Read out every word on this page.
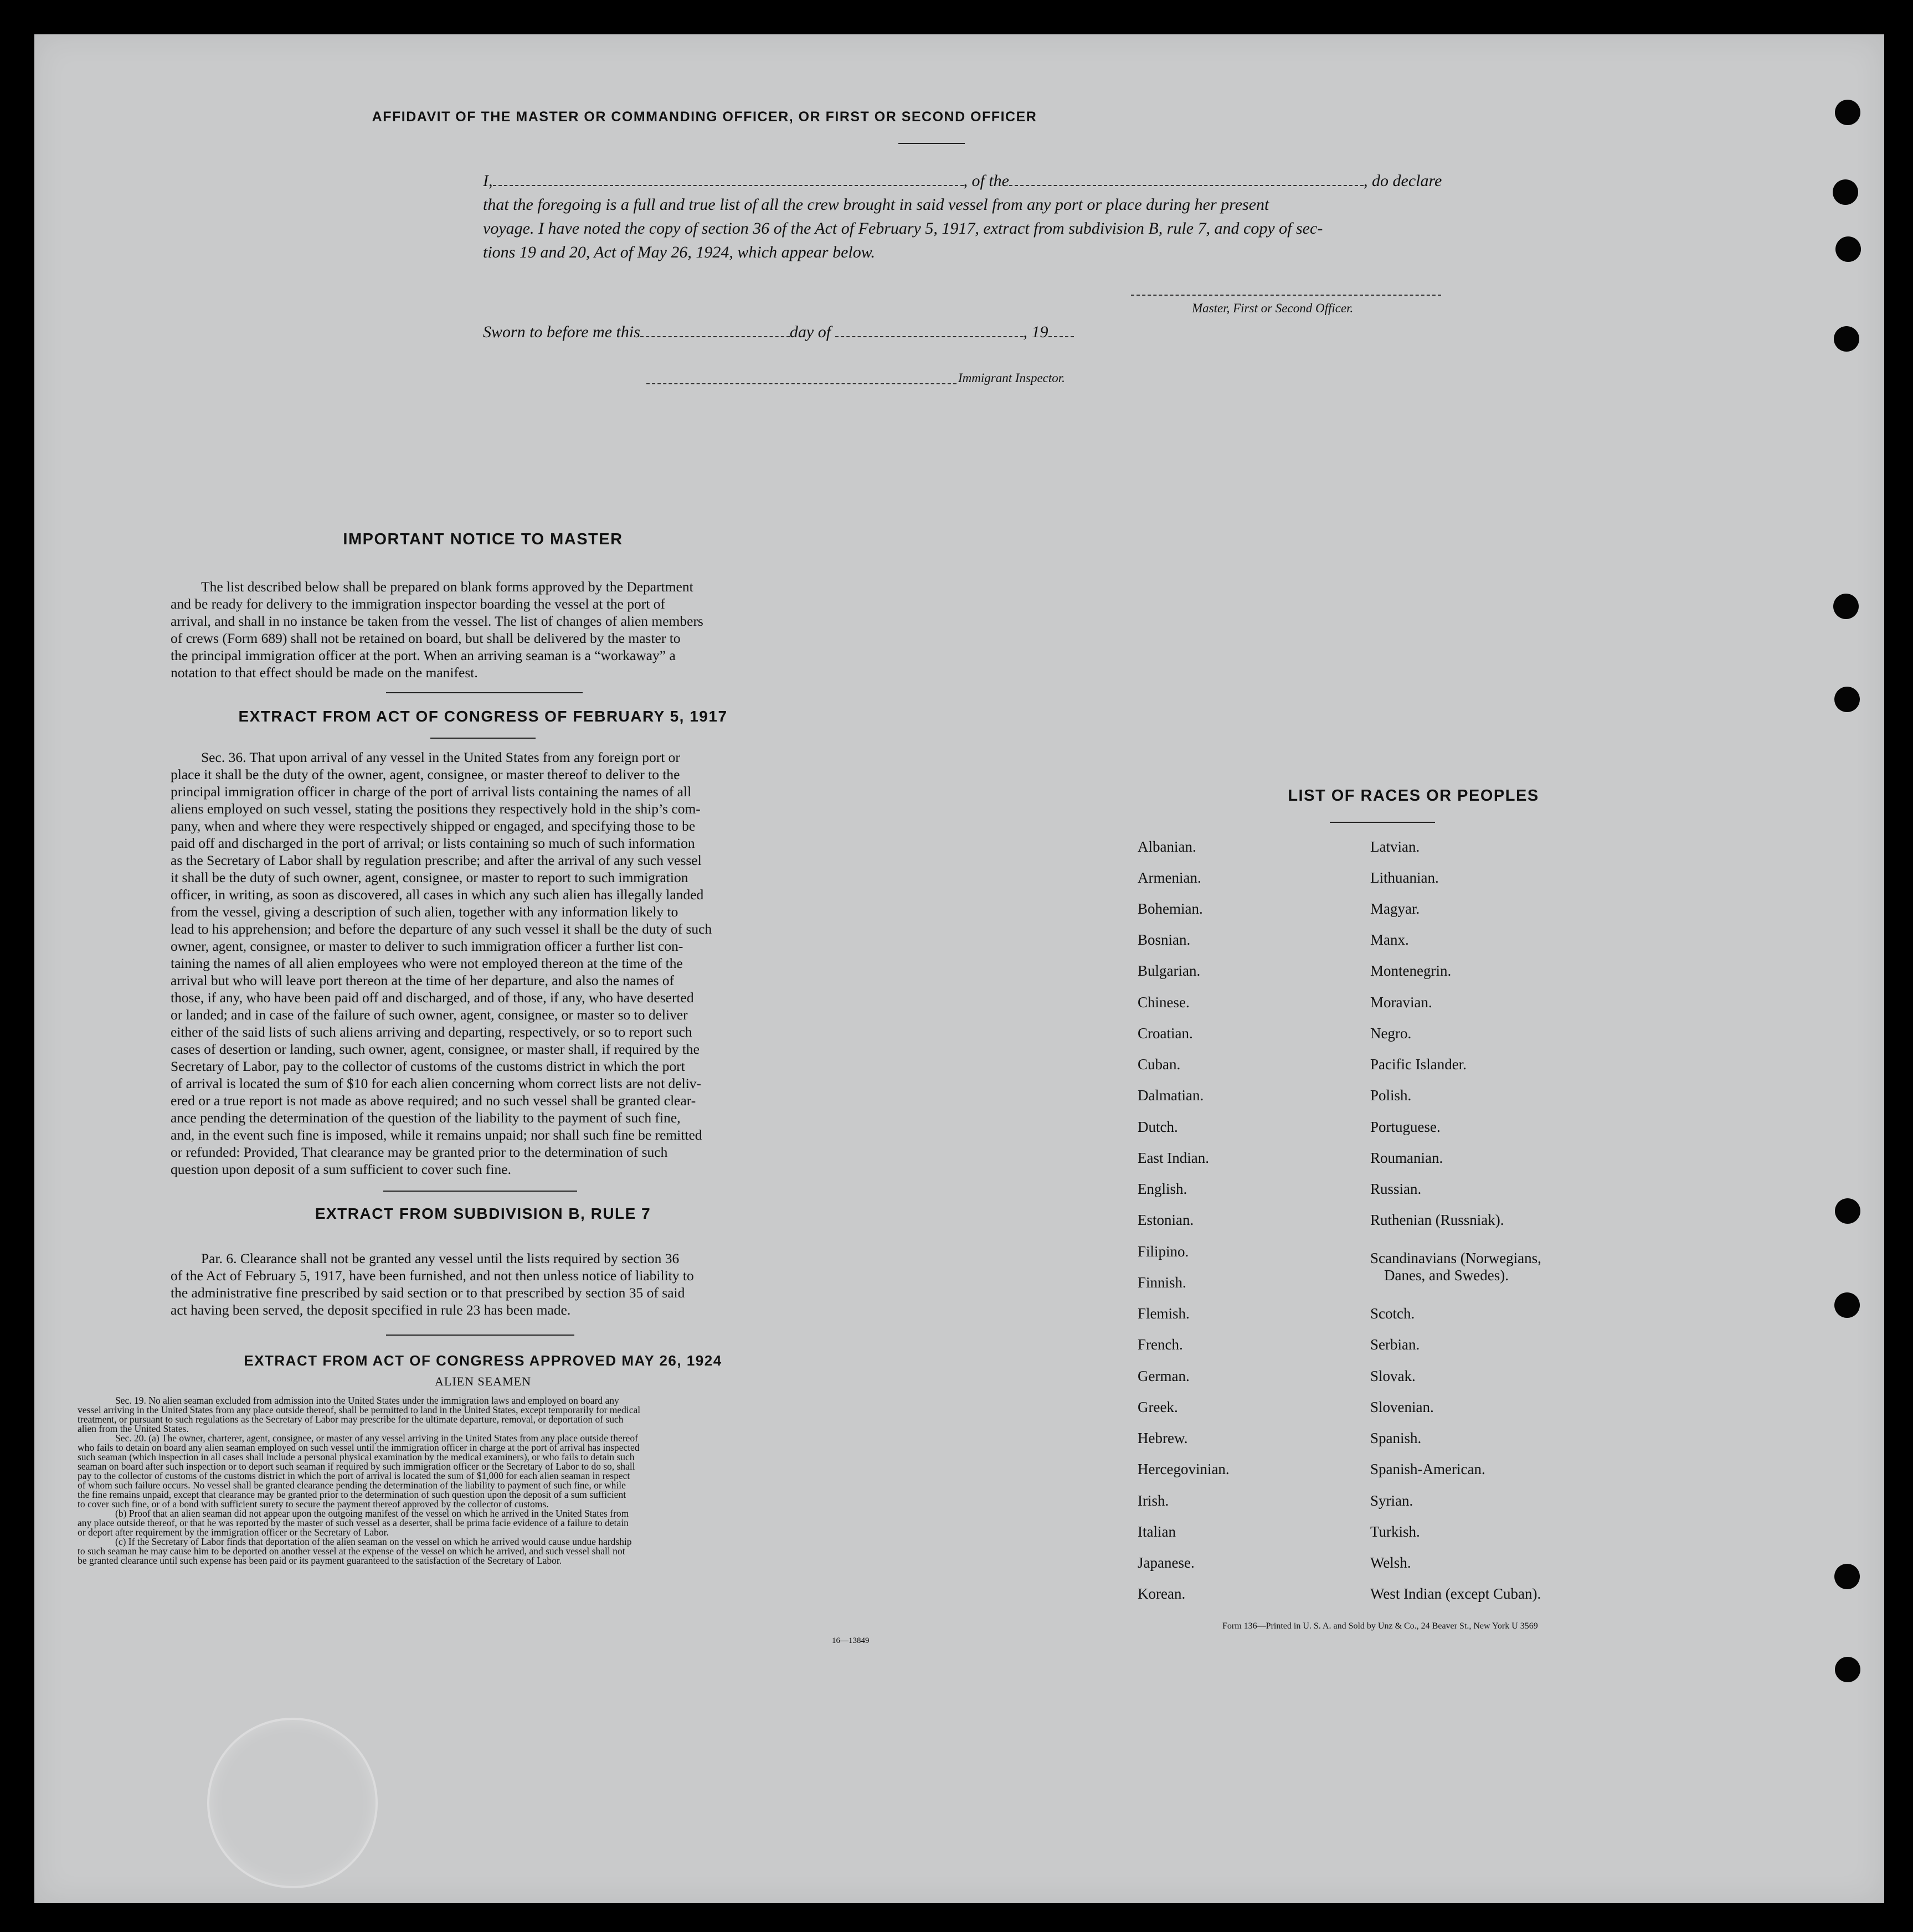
AFFIDAVIT OF THE MASTER OR COMMANDING OFFICER, OR FIRST OR SECOND OFFICER
I,	, of the	, do declare
that the foregoing is a full and true list of all the crew brought in said vessel from any port or place during her present
voyage. I have noted the copy of section 36 of the Act of February 5, 1917, extract from subdivision B, rule 7, and copy of sec-
tions 19 and 20, Act of May 26, 1924, which appear below.
Master, First or Second Officer.
Sworn to before me this	day of	, 19
Immigrant Inspector.
IMPORTANT NOTICE TO MASTER
The list described below shall be prepared on blank forms approved by the Department
and be ready for delivery to the immigration inspector boarding the vessel at the port of
arrival, and shall in no instance be taken from the vessel. The list of changes of alien members
of crews (Form 689) shall not be retained on board, but shall be delivered by the master to
the principal immigration officer at the port. When an arriving seaman is a “workaway” a
notation to that effect should be made on the manifest.
EXTRACT FROM ACT OF CONGRESS OF FEBRUARY 5, 1917
Sec. 36. That upon arrival of any vessel in the United States from any foreign port or
place it shall be the duty of the owner, agent, consignee, or master thereof to deliver to the
principal immigration officer in charge of the port of arrival lists containing the names of all
aliens employed on such vessel, stating the positions they respectively hold in the ship’s com-
pany, when and where they were respectively shipped or engaged, and specifying those to be
paid off and discharged in the port of arrival; or lists containing so much of such information
as the Secretary of Labor shall by regulation prescribe; and after the arrival of any such vessel
it shall be the duty of such owner, agent, consignee, or master to report to such immigration
officer, in writing, as soon as discovered, all cases in which any such alien has illegally landed
from the vessel, giving a description of such alien, together with any information likely to
lead to his apprehension; and before the departure of any such vessel it shall be the duty of such
owner, agent, consignee, or master to deliver to such immigration officer a further list con-
taining the names of all alien employees who were not employed thereon at the time of the
arrival but who will leave port thereon at the time of her departure, and also the names of
those, if any, who have been paid off and discharged, and of those, if any, who have deserted
or landed; and in case of the failure of such owner, agent, consignee, or master so to deliver
either of the said lists of such aliens arriving and departing, respectively, or so to report such
cases of desertion or landing, such owner, agent, consignee, or master shall, if required by the
Secretary of Labor, pay to the collector of customs of the customs district in which the port
of arrival is located the sum of $10 for each alien concerning whom correct lists are not deliv-
ered or a true report is not made as above required; and no such vessel shall be granted clear-
ance pending the determination of the question of the liability to the payment of such fine,
and, in the event such fine is imposed, while it remains unpaid; nor shall such fine be remitted
or refunded: Provided, That clearance may be granted prior to the determination of such
question upon deposit of a sum sufficient to cover such fine.
EXTRACT FROM SUBDIVISION B, RULE 7
Par. 6. Clearance shall not be granted any vessel until the lists required by section 36
of the Act of February 5, 1917, have been furnished, and not then unless notice of liability to
the administrative fine prescribed by said section or to that prescribed by section 35 of said
act having been served, the deposit specified in rule 23 has been made.
EXTRACT FROM ACT OF CONGRESS APPROVED MAY 26, 1924
ALIEN SEAMEN
Sec. 19. No alien seaman excluded from admission into the United States under the immigration laws and employed on board any
vessel arriving in the United States from any place outside thereof, shall be permitted to land in the United States, except temporarily for medical
treatment, or pursuant to such regulations as the Secretary of Labor may prescribe for the ultimate departure, removal, or deportation of such
alien from the United States.
Sec. 20. (a) The owner, charterer, agent, consignee, or master of any vessel arriving in the United States from any place outside thereof
who fails to detain on board any alien seaman employed on such vessel until the immigration officer in charge at the port of arrival has inspected
such seaman (which inspection in all cases shall include a personal physical examination by the medical examiners), or who fails to detain such
seaman on board after such inspection or to deport such seaman if required by such immigration officer or the Secretary of Labor to do so, shall
pay to the collector of customs of the customs district in which the port of arrival is located the sum of $1,000 for each alien seaman in respect
of whom such failure occurs. No vessel shall be granted clearance pending the determination of the liability to payment of such fine, or while
the fine remains unpaid, except that clearance may be granted prior to the determination of such question upon the deposit of a sum sufficient
to cover such fine, or of a bond with sufficient surety to secure the payment thereof approved by the collector of customs.
(b) Proof that an alien seaman did not appear upon the outgoing manifest of the vessel on which he arrived in the United States from
any place outside thereof, or that he was reported by the master of such vessel as a deserter, shall be prima facie evidence of a failure to detain
or deport after requirement by the immigration officer or the Secretary of Labor.
(c) If the Secretary of Labor finds that deportation of the alien seaman on the vessel on which he arrived would cause undue hardship
to such seaman he may cause him to be deported on another vessel at the expense of the vessel on which he arrived, and such vessel shall not
be granted clearance until such expense has been paid or its payment guaranteed to the satisfaction of the Secretary of Labor.
16—13849
LIST OF RACES OR PEOPLES
Albanian.
Armenian.
Bohemian.
Bosnian.
Bulgarian.
Chinese.
Croatian.
Cuban.
Dalmatian.
Dutch.
East Indian.
English.
Estonian.
Filipino.
Finnish.
Flemish.
French.
German.
Greek.
Hebrew.
Hercegovinian.
Irish.
Italian
Japanese.
Korean.
Latvian.
Lithuanian.
Magyar.
Manx.
Montenegrin.
Moravian.
Negro.
Pacific Islander.
Polish.
Portuguese.
Roumanian.
Russian.
Ruthenian (Russniak).
Scandinavians (Norwegians,
Danes, and Swedes).
Scotch.
Serbian.
Slovak.
Slovenian.
Spanish.
Spanish-American.
Syrian.
Turkish.
Welsh.
West Indian (except Cuban).
Form 136—Printed in U. S. A. and Sold by Unz & Co., 24 Beaver St., New York U 3569
